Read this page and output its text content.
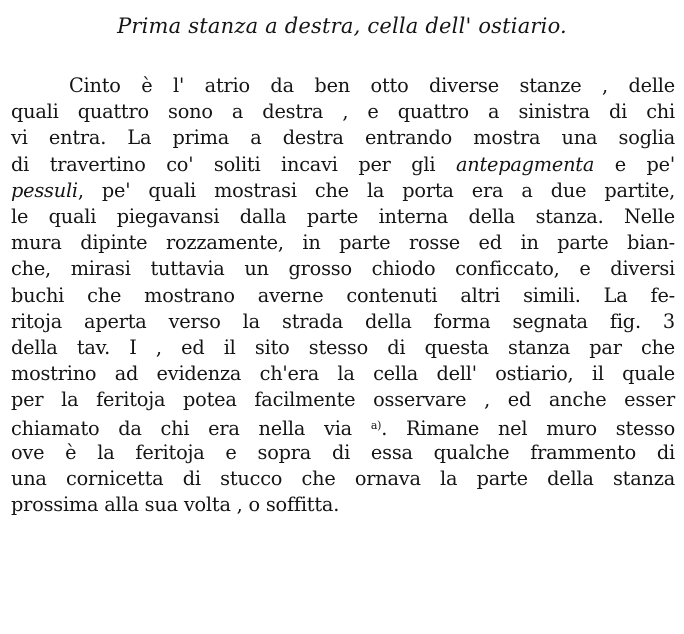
Prima stanza a destra, cella dell' ostiario.
Cinto è l' atrio da ben otto diverse stanze , delle
quali quattro sono a destra , e quattro a sinistra di chi
vi entra. La prima a destra entrando mostra una soglia
di travertino co' soliti incavi per gli antepagmenta e pe'
pessuli, pe' quali mostrasi che la porta era a due partite,
le quali piegavansi dalla parte interna della stanza. Nelle
mura dipinte rozzamente, in parte rosse ed in parte bian-
che, mirasi tuttavia un grosso chiodo conficcato, e diversi
buchi che mostrano averne contenuti altri simili. La fe-
ritoja aperta verso la strada della forma segnata fig. 3
della tav. I , ed il sito stesso di questa stanza par che
mostrino ad evidenza ch'era la cella dell' ostiario, il quale
per la feritoja potea facilmente osservare , ed anche esser
chiamato da chi era nella via $^{a)}$. Rimane nel muro stesso
ove è la feritoja e sopra di essa qualche frammento di
una cornicetta di stucco che ornava la parte della stanza
prossima alla sua volta , o soffitta.
